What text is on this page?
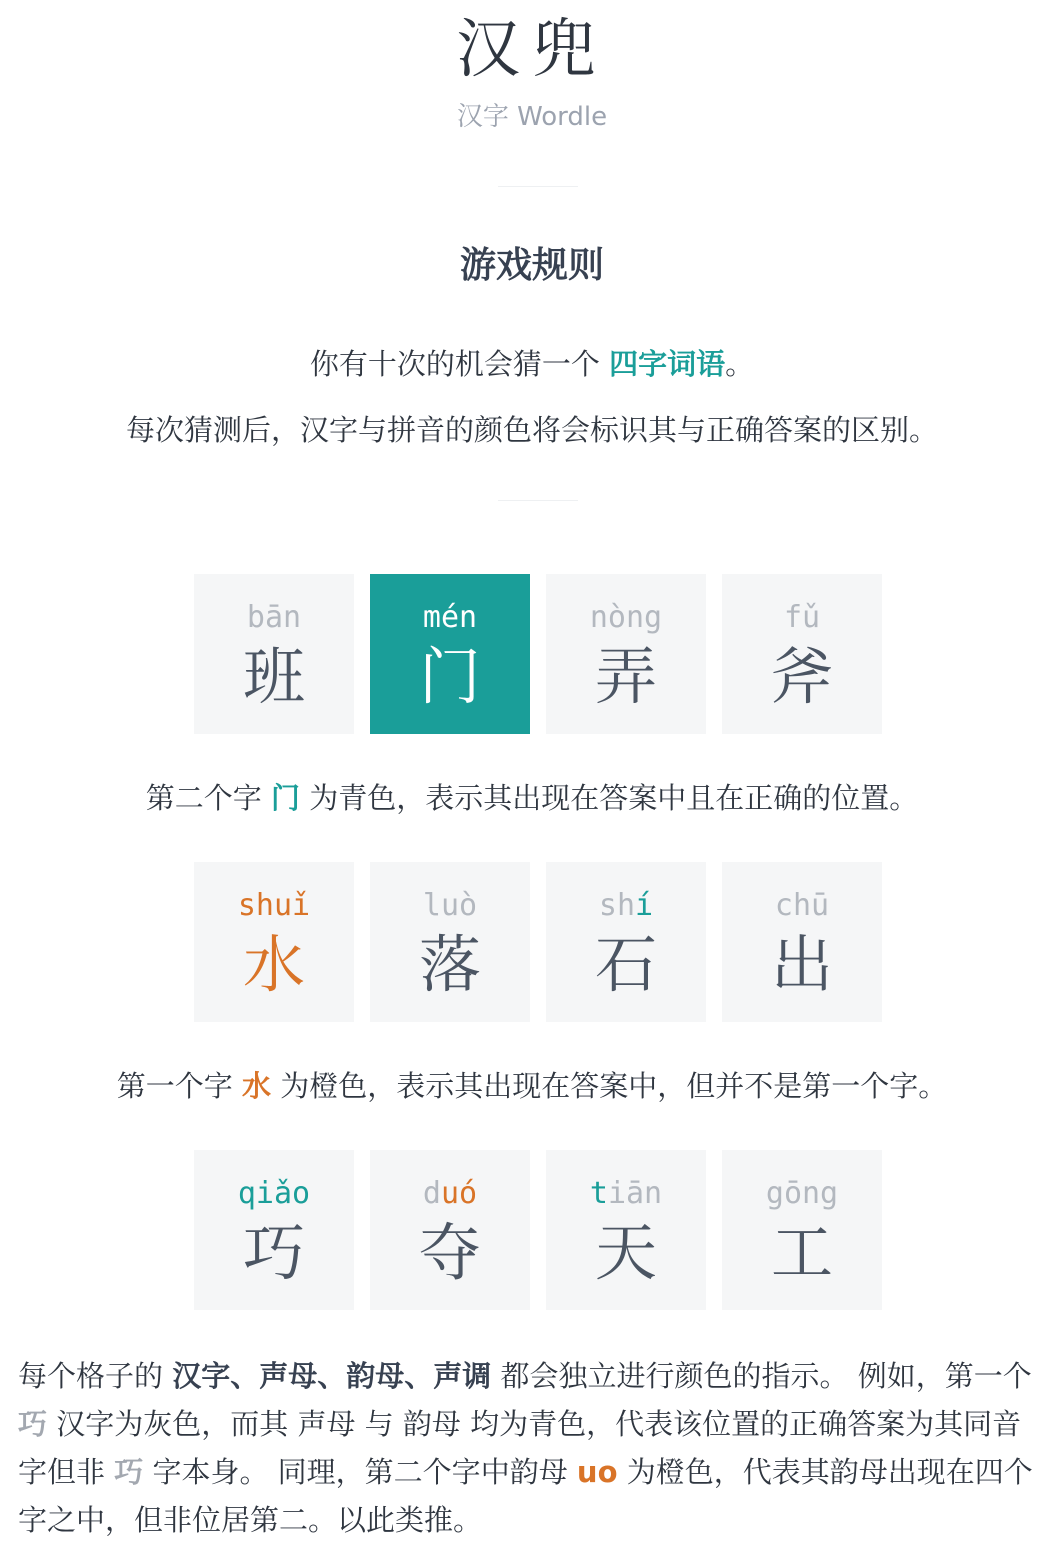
汉兜
汉字 Wordle
游戏规则
你有十次的机会猜一个 四字词语。
每次猜测后，汉字与拼音的颜色将会标识其与正确答案的区别。
bān
班
mén
门
nòng
弄
fǔ
斧
第二个字 门 为青色，表示其出现在答案中且在正确的位置。
shuǐ
水
luò
落
shí
石
chū
出
第一个字 水 为橙色，表示其出现在答案中，但并不是第一个字。
qiǎo
巧
duó
夺
tiān
天
gōng
工
每个格子的 汉字、声母、韵母、声调 都会独立进行颜色的指示。 例如，第一个 巧 汉字为灰色，而其 声母 与 韵母 均为青色，代表该位置的正确答案为其同音字但非 巧 字本身。 同理，第二个字中韵母 uo 为橙色，代表其韵母出现在四个字之中，但非位居第二。以此类推。
